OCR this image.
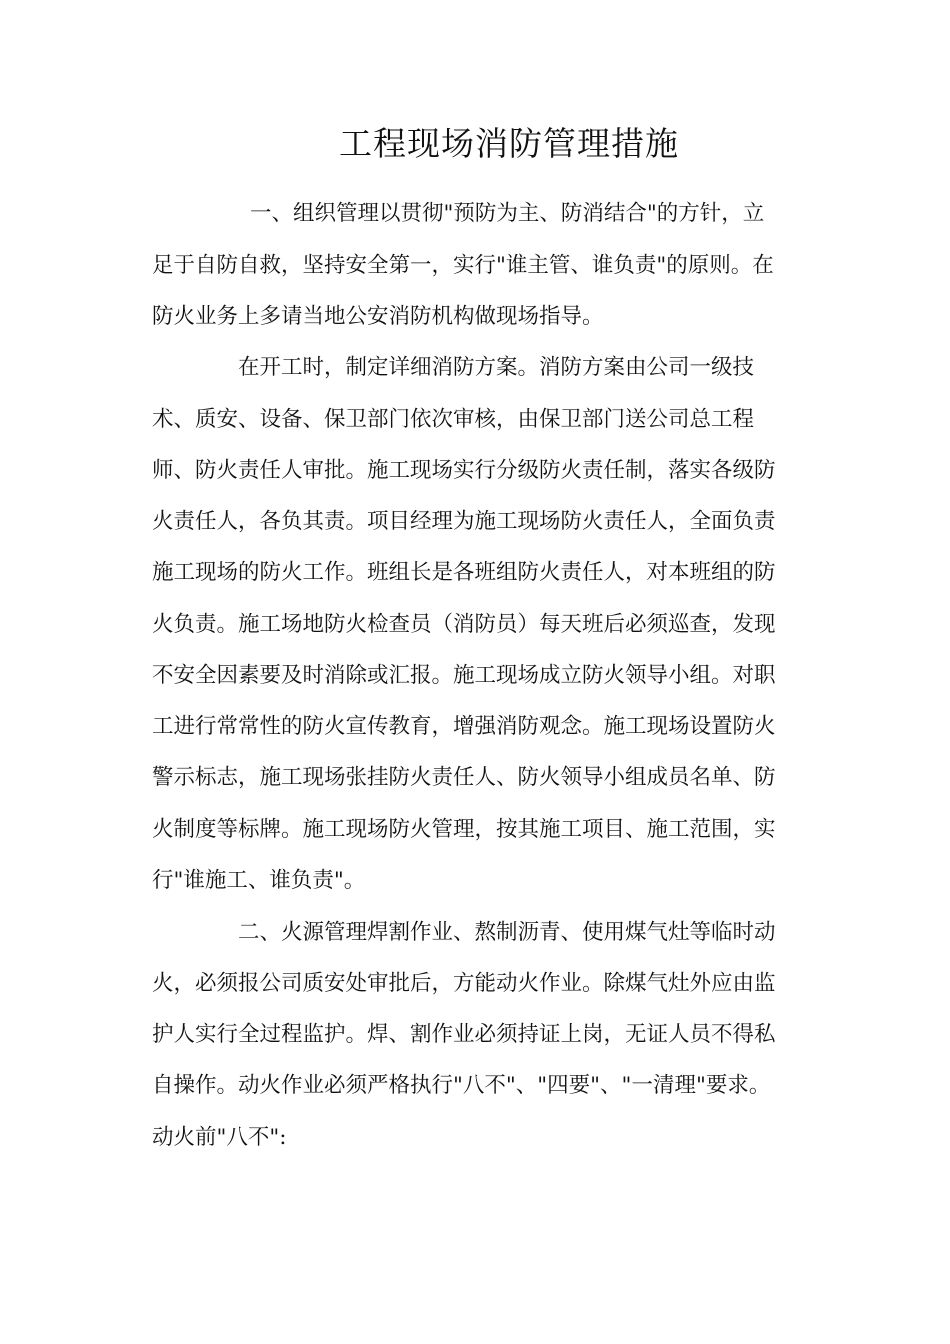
工程现场消防管理措施
一、组织管理以贯彻"预防为主、防消结合"的方针，立
足于自防自救，坚持安全第一，实行"谁主管、谁负责"的原则。在
防火业务上多请当地公安消防机构做现场指导。
在开工时，制定详细消防方案。消防方案由公司一级技
术、质安、设备、保卫部门依次审核，由保卫部门送公司总工程
师、防火责任人审批。施工现场实行分级防火责任制，落实各级防
火责任人，各负其责。项目经理为施工现场防火责任人，全面负责
施工现场的防火工作。班组长是各班组防火责任人，对本班组的防
火负责。施工场地防火检查员（消防员）每天班后必须巡查，发现
不安全因素要及时消除或汇报。施工现场成立防火领导小组。对职
工进行常常性的防火宣传教育，增强消防观念。施工现场设置防火
警示标志，施工现场张挂防火责任人、防火领导小组成员名单、防
火制度等标牌。施工现场防火管理，按其施工项目、施工范围，实
行"谁施工、谁负责"。
二、火源管理焊割作业、熬制沥青、使用煤气灶等临时动
火，必须报公司质安处审批后，方能动火作业。除煤气灶外应由监
护人实行全过程监护。焊、割作业必须持证上岗，无证人员不得私
自操作。动火作业必须严格执行"八不"、"四要"、"一清理"要求。
动火前"八不":
